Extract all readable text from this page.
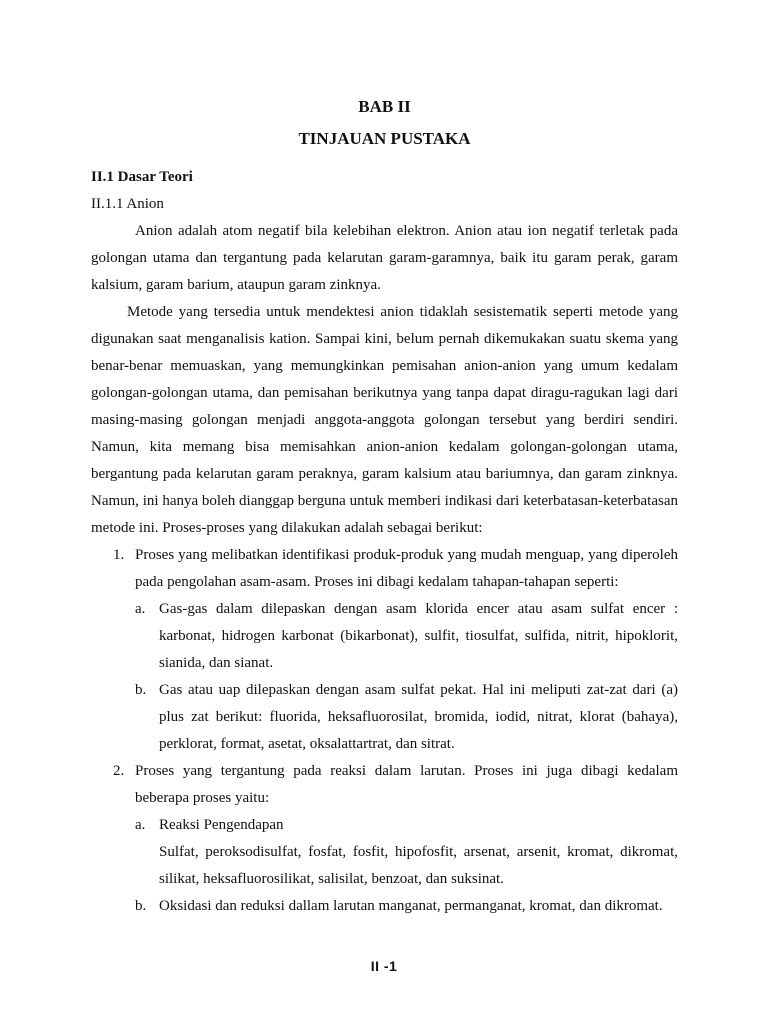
BAB II
TINJAUAN PUSTAKA
II.1 Dasar Teori
II.1.1 Anion

Anion adalah atom negatif bila kelebihan elektron. Anion atau ion negatif terletak pada golongan utama dan tergantung pada kelarutan garam-garamnya, baik itu garam perak, garam kalsium, garam barium, ataupun garam zinknya.

Metode yang tersedia untuk mendektesi anion tidaklah sesistematik seperti metode yang digunakan saat menganalisis kation. Sampai kini, belum pernah dikemukakan suatu skema yang benar-benar memuaskan, yang memungkinkan pemisahan anion-anion yang umum kedalam golongan-golongan utama, dan pemisahan berikutnya yang tanpa dapat diragu-ragukan lagi dari masing-masing golongan menjadi anggota-anggota golongan tersebut yang berdiri sendiri. Namun, kita memang bisa memisahkan anion-anion kedalam golongan-golongan utama, bergantung pada kelarutan garam peraknya, garam kalsium atau bariumnya, dan garam zinknya. Namun, ini hanya boleh dianggap berguna untuk memberi indikasi dari keterbatasan-keterbatasan metode ini. Proses-proses yang dilakukan adalah sebagai berikut:

1. Proses yang melibatkan identifikasi produk-produk yang mudah menguap, yang diperoleh pada pengolahan asam-asam. Proses ini dibagi kedalam tahapan-tahapan seperti:
a. Gas-gas dalam dilepaskan dengan asam klorida encer atau asam sulfat encer : karbonat, hidrogen karbonat (bikarbonat), sulfit, tiosulfat, sulfida, nitrit, hipoklorit, sianida, dan sianat.
b. Gas atau uap dilepaskan dengan asam sulfat pekat. Hal ini meliputi zat-zat dari (a) plus zat berikut: fluorida, heksafluorosilat, bromida, iodid, nitrat, klorat (bahaya), perklorat, format, asetat, oksalattartrat, dan sitrat.
2. Proses yang tergantung pada reaksi dalam larutan. Proses ini juga dibagi kedalam beberapa proses yaitu:
a. Reaksi Pengendapan
Sulfat, peroksodisulfat, fosfat, fosfit, hipofosfit, arsenat, arsenit, kromat, dikromat, silikat, heksafluorosilikat, salisilat, benzoat, dan suksinat.
b. Oksidasi dan reduksi dallam larutan manganat, permanganat, kromat, dan dikromat.
II -1
